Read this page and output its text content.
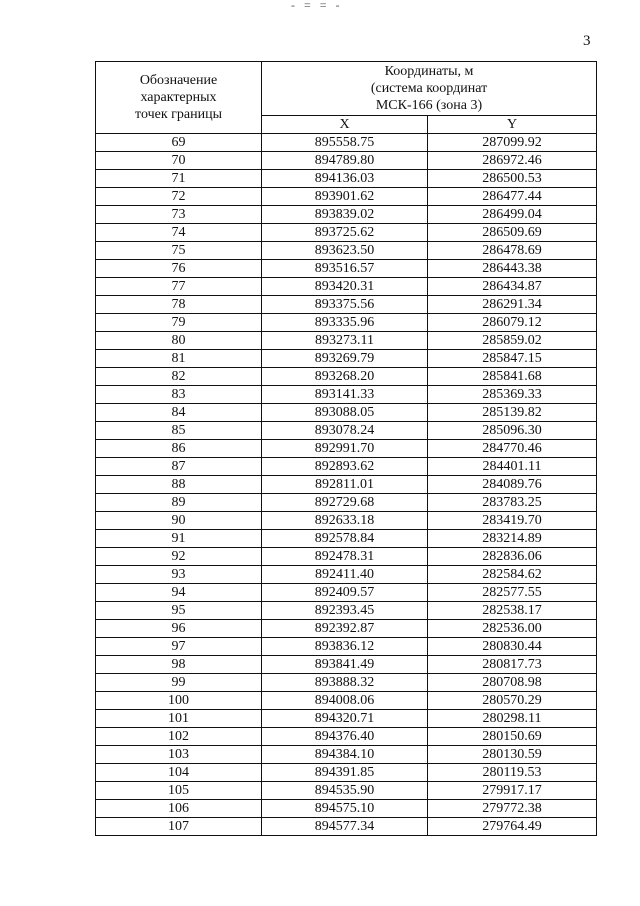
- = = -
3
Обозначение
характерных
точек границы	Координаты, м
(система координат
МСК-166 (зона 3)	

	X	Y
69	895558.75	287099.92
70	894789.80	286972.46
71	894136.03	286500.53
72	893901.62	286477.44
73	893839.02	286499.04
74	893725.62	286509.69
75	893623.50	286478.69
76	893516.57	286443.38
77	893420.31	286434.87
78	893375.56	286291.34
79	893335.96	286079.12
80	893273.11	285859.02
81	893269.79	285847.15
82	893268.20	285841.68
83	893141.33	285369.33
84	893088.05	285139.82
85	893078.24	285096.30
86	892991.70	284770.46
87	892893.62	284401.11
88	892811.01	284089.76
89	892729.68	283783.25
90	892633.18	283419.70
91	892578.84	283214.89
92	892478.31	282836.06
93	892411.40	282584.62
94	892409.57	282577.55
95	892393.45	282538.17
96	892392.87	282536.00
97	893836.12	280830.44
98	893841.49	280817.73
99	893888.32	280708.98
100	894008.06	280570.29
101	894320.71	280298.11
102	894376.40	280150.69
103	894384.10	280130.59
104	894391.85	280119.53
105	894535.90	279917.17
106	894575.10	279772.38
107	894577.34	279764.49
